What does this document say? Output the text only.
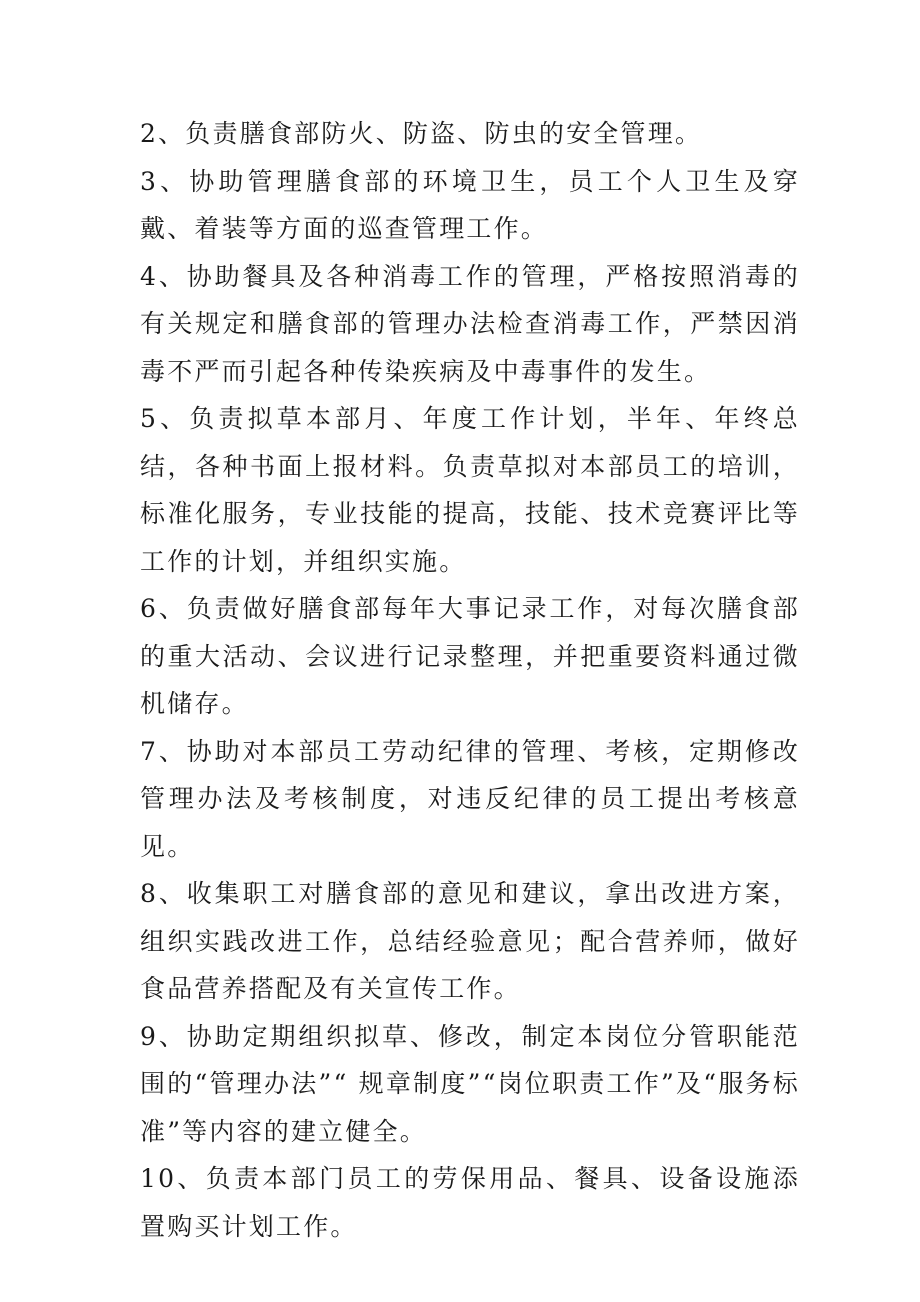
2、负责膳食部防火、防盗、防虫的安全管理。

3、协助管理膳食部的环境卫生，员工个人卫生及穿戴、着装等方面的巡查管理工作。

4、协助餐具及各种消毒工作的管理，严格按照消毒的有关规定和膳食部的管理办法检查消毒工作，严禁因消毒不严而引起各种传染疾病及中毒事件的发生。

5、负责拟草本部月、年度工作计划，半年、年终总结，各种书面上报材料。负责草拟对本部员工的培训，标准化服务，专业技能的提高，技能、技术竞赛评比等工作的计划，并组织实施。

6、负责做好膳食部每年大事记录工作，对每次膳食部的重大活动、会议进行记录整理，并把重要资料通过微机储存。

7、协助对本部员工劳动纪律的管理、考核，定期修改管理办法及考核制度，对违反纪律的员工提出考核意见。

8、收集职工对膳食部的意见和建议，拿出改进方案，组织实践改进工作，总结经验意见；配合营养师，做好食品营养搭配及有关宣传工作。

9、协助定期组织拟草、修改，制定本岗位分管职能范围的“管理办法”“ 规章制度”“岗位职责工作”及“服务标准”等内容的建立健全。

10、负责本部门员工的劳保用品、餐具、设备设施添置购买计划工作。
